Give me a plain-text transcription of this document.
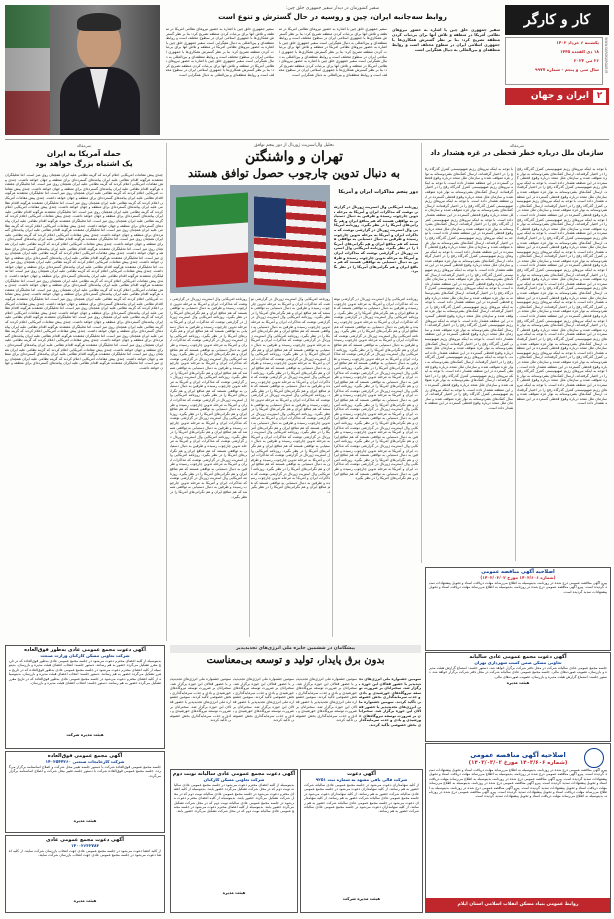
کار و کارگر
یکشنبه ۶ خرداد ۱۴۰۳
۱۸ ذی القعده ۱۴۴۵
۲۶ می ۲۰۲۴
سال سی و پنجم - شماره ۹۹۷۷	WWW.KAROKARGAR.IR
۲
ایران و جهان
سفیر کشورمان در دیدار سفیر جمهوری خلق چین:
روابط سه‌جانبه ایران، چین و روسیه در حال گسترش و تنوع است
سفیر جمهوری خلق چین با اشاره به حضور نیروهای نظامی آمریکا در منطقه و تلاش آنها برای بی‌ثبات کردن منطقه تصریح کرد: بنا بر نظر گسترش همکاری‌ها با جمهوری اسلامی ایران در سطوح مختلف است و روابط منطقه‌ای و بین‌المللی به دنبال همگرایی است
سفیر جمهوری خلق چین با اشاره به حضور نیروهای نظامی آمریکا در منطقه و تلاش آنها برای بی‌ثبات کردن منطقه تصریح کرد: بنا بر نظر گسترش همکاری‌ها با جمهوری اسلامی ایران در سطوح مختلف است و روابط منطقه‌ای و بین‌المللی به دنبال همگرایی است سفیر جمهوری خلق چین با اشاره به حضور نیروهای نظامی آمریکا در منطقه و تلاش آنها برای بی‌ثبات کردن منطقه تصریح کرد: بنا بر نظر گسترش همکاری‌ها با جمهوری اسلامی ایران در سطوح مختلف است و روابط منطقه‌ای و بین‌المللی به دنبال همگرایی است سفیر جمهوری خلق چین با اشاره به حضور نیروهای نظامی آمریکا در منطقه و تلاش آنها برای بی‌ثبات کردن منطقه تصریح کرد: بنا بر نظر گسترش همکاری‌ها با جمهوری اسلامی ایران در سطوح مختلف است و روابط منطقه‌ای و بین‌المللی به دنبال همگرایی است
سفیر جمهوری خلق چین با اشاره به حضور نیروهای نظامی آمریکا در منطقه و تلاش آنها برای بی‌ثبات کردن منطقه تصریح کرد: بنا بر نظر گسترش همکاری‌ها با جمهوری اسلامی ایران در سطوح مختلف است و روابط منطقه‌ای و بین‌المللی به دنبال همگرایی است سفیر جمهوری خلق چین با اشاره به حضور نیروهای نظامی آمریکا در منطقه و تلاش آنها برای بی‌ثبات کردن منطقه تصریح کرد: بنا بر نظر گسترش همکاری‌ها با جمهوری اسلامی ایران در سطوح مختلف است و روابط منطقه‌ای و بین‌المللی به دنبال همگرایی است سفیر جمهوری خلق چین با اشاره به حضور نیروهای نظامی آمریکا در منطقه و تلاش آنها برای بی‌ثبات کردن منطقه تصریح کرد: بنا بر نظر گسترش همکاری‌ها با جمهوری اسلامی ایران در سطوح مختلف است و روابط منطقه‌ای و بین‌المللی به دنبال همگرایی است
سرمقاله
سازمان ملل درباره خطر قحطی در غزه هشدار داد
با توجه به اینکه نیروهای رژیم صهیونیستی کنترل گذرگاه رفح را در اختیار گرفته‌اند، ارسال کمک‌های بشردوستانه به نوار غزه متوقف شده و سازمان ملل متحد درباره وقوع قحطی گسترده در این منطقه هشدار داده است. با توجه به اینکه نیروهای رژیم صهیونیستی کنترل گذرگاه رفح را در اختیار گرفته‌اند، ارسال کمک‌های بشردوستانه به نوار غزه متوقف شده و سازمان ملل متحد درباره وقوع قحطی گسترده در این منطقه هشدار داده است. با توجه به اینکه نیروهای رژیم صهیونیستی کنترل گذرگاه رفح را در اختیار گرفته‌اند، ارسال کمک‌های بشردوستانه به نوار غزه متوقف شده و سازمان ملل متحد درباره وقوع قحطی گسترده در این منطقه هشدار داده است. با توجه به اینکه نیروهای رژیم صهیونیستی کنترل گذرگاه رفح را در اختیار گرفته‌اند، ارسال کمک‌های بشردوستانه به نوار غزه متوقف شده و سازمان ملل متحد درباره وقوع قحطی گسترده در این منطقه هشدار داده است. با توجه به اینکه نیروهای رژیم صهیونیستی کنترل گذرگاه رفح را در اختیار گرفته‌اند، ارسال کمک‌های بشردوستانه به نوار غزه متوقف شده و سازمان ملل متحد درباره وقوع قحطی گسترده در این منطقه هشدار داده است. با توجه به اینکه نیروهای رژیم صهیونیستی کنترل گذرگاه رفح را در اختیار گرفته‌اند، ارسال کمک‌های بشردوستانه به نوار غزه متوقف شده و سازمان ملل متحد درباره وقوع قحطی گسترده در این منطقه هشدار داده است. با توجه به اینکه نیروهای رژیم صهیونیستی کنترل گذرگاه رفح را در اختیار گرفته‌اند، ارسال کمک‌های بشردوستانه به نوار غزه متوقف شده و سازمان ملل متحد درباره وقوع قحطی گسترده در این منطقه هشدار داده است. با توجه به اینکه نیروهای رژیم صهیونیستی کنترل گذرگاه رفح را در اختیار گرفته‌اند، ارسال کمک‌های بشردوستانه به نوار غزه متوقف شده و سازمان ملل متحد درباره وقوع قحطی گسترده در این منطقه هشدار داده است. با توجه به اینکه نیروهای رژیم صهیونیستی کنترل گذرگاه رفح را در اختیار گرفته‌اند، ارسال کمک‌های بشردوستانه به نوار غزه متوقف شده و سازمان ملل متحد درباره وقوع قحطی گسترده در این منطقه هشدار داده است. با توجه به اینکه نیروهای رژیم صهیونیستی کنترل گذرگاه رفح را در اختیار گرفته‌اند، ارسال کمک‌های بشردوستانه به نوار غزه متوقف شده و سازمان ملل متحد درباره وقوع قحطی گسترده در این منطقه هشدار داده است. با توجه به اینکه نیروهای رژیم صهیونیستی کنترل گذرگاه رفح را در اختیار گرفته‌اند، ارسال کمک‌های بشردوستانه به نوار غزه متوقف شده و سازمان ملل متحد درباره وقوع قحطی گسترده در این منطقه هشدار داده است. با توجه به اینکه نیروهای رژیم صهیونیستی کنترل گذرگاه رفح را در اختیار گرفته‌اند، ارسال کمک‌های بشردوستانه به نوار غزه متوقف شده و سازمان ملل متحد درباره وقوع قحطی گسترده در این منطقه هشدار داده است. با توجه به اینکه نیروهای رژیم صهیونیستی کنترل گذرگاه رفح را در اختیار گرفته‌اند، ارسال کمک‌های بشردوستانه به نوار غزه متوقف شده و سازمان ملل متحد درباره وقوع قحطی گسترده در این منطقه هشدار داده است. با توجه به اینکه نیروهای رژیم صهیونیستی کنترل گذرگاه رفح را در اختیار گرفته‌اند، ارسال کمک‌های بشردوستانه به نوار غزه متوقف شده و سازمان ملل متحد درباره وقوع قحطی گسترده در این منطقه هشدار داده است.
با توجه به اینکه نیروهای رژیم صهیونیستی کنترل گذرگاه رفح را در اختیار گرفته‌اند، ارسال کمک‌های بشردوستانه به نوار غزه متوقف شده و سازمان ملل متحد درباره وقوع قحطی گسترده در این منطقه هشدار داده است. با توجه به اینکه نیروهای رژیم صهیونیستی کنترل گذرگاه رفح را در اختیار گرفته‌اند، ارسال کمک‌های بشردوستانه به نوار غزه متوقف شده و سازمان ملل متحد درباره وقوع قحطی گسترده در این منطقه هشدار داده است. با توجه به اینکه نیروهای رژیم صهیونیستی کنترل گذرگاه رفح را در اختیار گرفته‌اند، ارسال کمک‌های بشردوستانه به نوار غزه متوقف شده و سازمان ملل متحد درباره وقوع قحطی گسترده در این منطقه هشدار داده است. با توجه به اینکه نیروهای رژیم صهیونیستی کنترل گذرگاه رفح را در اختیار گرفته‌اند، ارسال کمک‌های بشردوستانه به نوار غزه متوقف شده و سازمان ملل متحد درباره وقوع قحطی گسترده در این منطقه هشدار داده است. با توجه به اینکه نیروهای رژیم صهیونیستی کنترل گذرگاه رفح را در اختیار گرفته‌اند، ارسال کمک‌های بشردوستانه به نوار غزه متوقف شده و سازمان ملل متحد درباره وقوع قحطی گسترده در این منطقه هشدار داده است. با توجه به اینکه نیروهای رژیم صهیونیستی کنترل گذرگاه رفح را در اختیار گرفته‌اند، ارسال کمک‌های بشردوستانه به نوار غزه متوقف شده و سازمان ملل متحد درباره وقوع قحطی گسترده در این منطقه هشدار داده است. با توجه به اینکه نیروهای رژیم صهیونیستی کنترل گذرگاه رفح را در اختیار گرفته‌اند، ارسال کمک‌های بشردوستانه به نوار غزه متوقف شده و سازمان ملل متحد درباره وقوع قحطی گسترده در این منطقه هشدار داده است. با توجه به اینکه نیروهای رژیم صهیونیستی کنترل گذرگاه رفح را در اختیار گرفته‌اند، ارسال کمک‌های بشردوستانه به نوار غزه متوقف شده و سازمان ملل متحد درباره وقوع قحطی گسترده در این منطقه هشدار داده است. با توجه به اینکه نیروهای رژیم صهیونیستی کنترل گذرگاه رفح را در اختیار گرفته‌اند، ارسال کمک‌های بشردوستانه به نوار غزه متوقف شده و سازمان ملل متحد درباره وقوع قحطی گسترده در این منطقه هشدار داده است. با توجه به اینکه نیروهای رژیم صهیونیستی کنترل گذرگاه رفح را در اختیار گرفته‌اند، ارسال کمک‌های بشردوستانه به نوار غزه متوقف شده و سازمان ملل متحد درباره وقوع قحطی گسترده در این منطقه هشدار داده است. با توجه به اینکه نیروهای رژیم صهیونیستی کنترل گذرگاه رفح را در اختیار گرفته‌اند، ارسال کمک‌های بشردوستانه به نوار غزه متوقف شده و سازمان ملل متحد درباره وقوع قحطی گسترده در این منطقه هشدار داده است. با توجه به اینکه نیروهای رژیم صهیونیستی کنترل گذرگاه رفح را در اختیار گرفته‌اند، ارسال کمک‌های بشردوستانه به نوار غزه متوقف شده و سازمان ملل متحد درباره وقوع قحطی گسترده در این منطقه هشدار داده است. با توجه به اینکه نیروهای رژیم صهیونیستی کنترل گذرگاه رفح را در اختیار گرفته‌اند، ارسال کمک‌های بشردوستانه به نوار غزه متوقف شده و سازمان ملل متحد درباره وقوع قحطی گسترده در این منطقه هشدار داده است. با توجه به اینکه نیروهای رژیم صهیونیستی کنترل گذرگاه رفح را در اختیار گرفته‌اند، ارسال کمک‌های بشردوستانه به نوار غزه متوقف شده و سازمان ملل متحد درباره وقوع قحطی گسترده در این منطقه هشدار داده است.
تحلیل وال‌استریت ژورنال از دور پنجم توافق
تهران و واشنگتن
به دنبال تدوین چارچوب حصول توافق هستند
دور پنجم مذاکرات ایران و آمریکا
روزنامه آمریکایی وال استریت ژورنال در گزارشی نوشت که مذاکرات ایران و آمریکا به مرحله تدوین چارچوب رسیده و طرفین به دنبال دستیابی به توافقی هستند که هم منافع ایران و هم نگرانی‌های آمریکا را در نظر بگیرد. روزنامه آمریکایی وال استریت ژورنال در گزارشی نوشت که مذاکرات ایران و آمریکا به مرحله تدوین چارچوب رسیده و طرفین به دنبال دستیابی به توافقی هستند که هم منافع ایران و هم نگرانی‌های آمریکا را در نظر بگیرد. روزنامه آمریکایی وال استریت ژورنال در گزارشی نوشت که مذاکرات ایران و آمریکا به مرحله تدوین چارچوب رسیده و طرفین به دنبال دستیابی به توافقی هستند که هم منافع ایران و هم نگرانی‌های آمریکا را در نظر بگیرد.
روزنامه آمریکایی وال استریت ژورنال در گزارشی نوشت که مذاکرات ایران و آمریکا به مرحله تدوین چارچوب رسیده و طرفین به دنبال دستیابی به توافقی هستند که هم منافع ایران و هم نگرانی‌های آمریکا را در نظر بگیرد. روزنامه آمریکایی وال استریت ژورنال در گزارشی نوشت که مذاکرات ایران و آمریکا به مرحله تدوین چارچوب رسیده و طرفین به دنبال دستیابی به توافقی هستند که هم منافع ایران و هم نگرانی‌های آمریکا را در نظر بگیرد. روزنامه آمریکایی وال استریت ژورنال در گزارشی نوشت که مذاکرات ایران و آمریکا به مرحله تدوین چارچوب رسیده و طرفین به دنبال دستیابی به توافقی هستند که هم منافع ایران و هم نگرانی‌های آمریکا را در نظر بگیرد. روزنامه آمریکایی وال استریت ژورنال در گزارشی نوشت که مذاکرات ایران و آمریکا به مرحله تدوین چارچوب رسیده و طرفین به دنبال دستیابی به توافقی هستند که هم منافع ایران و هم نگرانی‌های آمریکا را در نظر بگیرد. روزنامه آمریکایی وال استریت ژورنال در گزارشی نوشت که مذاکرات ایران و آمریکا به مرحله تدوین چارچوب رسیده و طرفین به دنبال دستیابی به توافقی هستند که هم منافع ایران و هم نگرانی‌های آمریکا را در نظر بگیرد. روزنامه آمریکایی وال استریت ژورنال در گزارشی نوشت که مذاکرات ایران و آمریکا به مرحله تدوین چارچوب رسیده و طرفین به دنبال دستیابی به توافقی هستند که هم منافع ایران و هم نگرانی‌های آمریکا را در نظر بگیرد. روزنامه آمریکایی وال استریت ژورنال در گزارشی نوشت که مذاکرات ایران و آمریکا به مرحله تدوین چارچوب رسیده و طرفین به دنبال دستیابی به توافقی هستند که هم منافع ایران و هم نگرانی‌های آمریکا را در نظر بگیرد. روزنامه آمریکایی وال استریت ژورنال در گزارشی نوشت که مذاکرات ایران و آمریکا به مرحله تدوین چارچوب رسیده و طرفین به دنبال دستیابی به توافقی هستند که هم منافع ایران و هم نگرانی‌های آمریکا را در نظر بگیرد. روزنامه آمریکایی وال استریت ژورنال در گزارشی نوشت که مذاکرات ایران و آمریکا به مرحله تدوین چارچوب رسیده و طرفین به دنبال دستیابی به توافقی هستند که هم منافع ایران و هم نگرانی‌های آمریکا را در نظر بگیرد. روزنامه آمریکایی وال استریت ژورنال در گزارشی نوشت که مذاکرات ایران و آمریکا به مرحله تدوین چارچوب رسیده و طرفین به دنبال دستیابی به توافقی هستند که هم منافع ایران و هم نگرانی‌های آمریکا را در نظر بگیرد.
روزنامه آمریکایی وال استریت ژورنال در گزارشی نوشت که مذاکرات ایران و آمریکا به مرحله تدوین چارچوب رسیده و طرفین به دنبال دستیابی به توافقی هستند که هم منافع ایران و هم نگرانی‌های آمریکا را در نظر بگیرد. روزنامه آمریکایی وال استریت ژورنال در گزارشی نوشت که مذاکرات ایران و آمریکا به مرحله تدوین چارچوب رسیده و طرفین به دنبال دستیابی به توافقی هستند که هم منافع ایران و هم نگرانی‌های آمریکا را در نظر بگیرد. روزنامه آمریکایی وال استریت ژورنال در گزارشی نوشت که مذاکرات ایران و آمریکا به مرحله تدوین چارچوب رسیده و طرفین به دنبال دستیابی به توافقی هستند که هم منافع ایران و هم نگرانی‌های آمریکا را در نظر بگیرد. روزنامه آمریکایی وال استریت ژورنال در گزارشی نوشت که مذاکرات ایران و آمریکا به مرحله تدوین چارچوب رسیده و طرفین به دنبال دستیابی به توافقی هستند که هم منافع ایران و هم نگرانی‌های آمریکا را در نظر بگیرد. روزنامه آمریکایی وال استریت ژورنال در گزارشی نوشت که مذاکرات ایران و آمریکا به مرحله تدوین چارچوب رسیده و طرفین به دنبال دستیابی به توافقی هستند که هم منافع ایران و هم نگرانی‌های آمریکا را در نظر بگیرد. روزنامه آمریکایی وال استریت ژورنال در گزارشی نوشت که مذاکرات ایران و آمریکا به مرحله تدوین چارچوب رسیده و طرفین به دنبال دستیابی به توافقی هستند که هم منافع ایران و هم نگرانی‌های آمریکا را در نظر بگیرد. روزنامه آمریکایی وال استریت ژورنال در گزارشی نوشت که مذاکرات ایران و آمریکا به مرحله تدوین چارچوب رسیده و طرفین به دنبال دستیابی به توافقی هستند که هم منافع ایران و هم نگرانی‌های آمریکا را در نظر بگیرد. روزنامه آمریکایی وال استریت ژورنال در گزارشی نوشت که مذاکرات ایران و آمریکا به مرحله تدوین چارچوب رسیده و طرفین به دنبال دستیابی به توافقی هستند که هم منافع ایران و هم نگرانی‌های آمریکا را در نظر بگیرد. روزنامه آمریکایی وال استریت ژورنال در گزارشی نوشت که مذاکرات ایران و آمریکا به مرحله تدوین چارچوب رسیده و طرفین به دنبال دستیابی به توافقی هستند که هم منافع ایران و هم نگرانی‌های آمریکا را در نظر بگیرد. روزنامه آمریکایی وال استریت ژورنال در گزارشی نوشت که مذاکرات ایران و آمریکا به مرحله تدوین چارچوب رسیده و طرفین به دنبال دستیابی به توافقی هستند که هم منافع ایران و هم نگرانی‌های آمریکا را در نظر بگیرد.
روزنامه آمریکایی وال استریت ژورنال در گزارشی نوشت که مذاکرات ایران و آمریکا به مرحله تدوین چارچوب رسیده و طرفین به دنبال دستیابی به توافقی هستند که هم منافع ایران و هم نگرانی‌های آمریکا را در نظر بگیرد. روزنامه آمریکایی وال استریت ژورنال در گزارشی نوشت که مذاکرات ایران و آمریکا به مرحله تدوین چارچوب رسیده و طرفین به دنبال دستیابی به توافقی هستند که هم منافع ایران و هم نگرانی‌های آمریکا را در نظر بگیرد. روزنامه آمریکایی وال استریت ژورنال در گزارشی نوشت که مذاکرات ایران و آمریکا به مرحله تدوین چارچوب رسیده و طرفین به دنبال دستیابی به توافقی هستند که هم منافع ایران و هم نگرانی‌های آمریکا را در نظر بگیرد. روزنامه آمریکایی وال استریت ژورنال در گزارشی نوشت که مذاکرات ایران و آمریکا به مرحله تدوین چارچوب رسیده و طرفین به دنبال دستیابی به توافقی هستند که هم منافع ایران و هم نگرانی‌های آمریکا را در نظر بگیرد. روزنامه آمریکایی وال استریت ژورنال در گزارشی نوشت که مذاکرات ایران و آمریکا به مرحله تدوین چارچوب رسیده و طرفین به دنبال دستیابی به توافقی هستند که هم منافع ایران و هم نگرانی‌های آمریکا را در نظر بگیرد. روزنامه آمریکایی وال استریت ژورنال در گزارشی نوشت که مذاکرات ایران و آمریکا به مرحله تدوین چارچوب رسیده و طرفین به دنبال دستیابی به توافقی هستند که هم منافع ایران و هم نگرانی‌های آمریکا را در نظر بگیرد. روزنامه آمریکایی وال استریت ژورنال در گزارشی نوشت که مذاکرات ایران و آمریکا به مرحله تدوین چارچوب رسیده و طرفین به دنبال دستیابی به توافقی هستند که هم منافع ایران و هم نگرانی‌های آمریکا را در نظر بگیرد. روزنامه آمریکایی وال استریت ژورنال در گزارشی نوشت که مذاکرات ایران و آمریکا به مرحله تدوین چارچوب رسیده و طرفین به دنبال دستیابی به توافقی هستند که هم منافع ایران و هم نگرانی‌های آمریکا را در نظر بگیرد. روزنامه آمریکایی وال استریت ژورنال در گزارشی نوشت که مذاکرات ایران و آمریکا به مرحله تدوین چارچوب رسیده و طرفین به دنبال دستیابی به توافقی هستند که هم منافع ایران و هم نگرانی‌های آمریکا را در نظر بگیرد. روزنامه آمریکایی وال استریت ژورنال در گزارشی نوشت که مذاکرات ایران و آمریکا به مرحله تدوین چارچوب رسیده و طرفین به دنبال دستیابی به توافقی هستند که هم منافع ایران و هم نگرانی‌های آمریکا را در نظر بگیرد.
سرمقاله
حمله آمریکا به ایران
یک اشتباه بزرگ خواهد بود
چندی پیش مقامات آمریکایی اعلام کردند که گزینه نظامی علیه ایران همچنان روی میز است. اما تحلیلگران معتقدند هرگونه اقدام نظامی علیه ایران پیامدهای گسترده‌ای برای منطقه و جهان خواهد داشت. چندی پیش مقامات آمریکایی اعلام کردند که گزینه نظامی علیه ایران همچنان روی میز است. اما تحلیلگران معتقدند هرگونه اقدام نظامی علیه ایران پیامدهای گسترده‌ای برای منطقه و جهان خواهد داشت. چندی پیش مقامات آمریکایی اعلام کردند که گزینه نظامی علیه ایران همچنان روی میز است. اما تحلیلگران معتقدند هرگونه اقدام نظامی علیه ایران پیامدهای گسترده‌ای برای منطقه و جهان خواهد داشت. چندی پیش مقامات آمریکایی اعلام کردند که گزینه نظامی علیه ایران همچنان روی میز است. اما تحلیلگران معتقدند هرگونه اقدام نظامی علیه ایران پیامدهای گسترده‌ای برای منطقه و جهان خواهد داشت. چندی پیش مقامات آمریکایی اعلام کردند که گزینه نظامی علیه ایران همچنان روی میز است. اما تحلیلگران معتقدند هرگونه اقدام نظامی علیه ایران پیامدهای گسترده‌ای برای منطقه و جهان خواهد داشت. چندی پیش مقامات آمریکایی اعلام کردند که گزینه نظامی علیه ایران همچنان روی میز است. اما تحلیلگران معتقدند هرگونه اقدام نظامی علیه ایران پیامدهای گسترده‌ای برای منطقه و جهان خواهد داشت. چندی پیش مقامات آمریکایی اعلام کردند که گزینه نظامی علیه ایران همچنان روی میز است. اما تحلیلگران معتقدند هرگونه اقدام نظامی علیه ایران پیامدهای گسترده‌ای برای منطقه و جهان خواهد داشت. چندی پیش مقامات آمریکایی اعلام کردند که گزینه نظامی علیه ایران همچنان روی میز است. اما تحلیلگران معتقدند هرگونه اقدام نظامی علیه ایران پیامدهای گسترده‌ای برای منطقه و جهان خواهد داشت. چندی پیش مقامات آمریکایی اعلام کردند که گزینه نظامی علیه ایران همچنان روی میز است. اما تحلیلگران معتقدند هرگونه اقدام نظامی علیه ایران پیامدهای گسترده‌ای برای منطقه و جهان خواهد داشت. چندی پیش مقامات آمریکایی اعلام کردند که گزینه نظامی علیه ایران همچنان روی میز است. اما تحلیلگران معتقدند هرگونه اقدام نظامی علیه ایران پیامدهای گسترده‌ای برای منطقه و جهان خواهد داشت. چندی پیش مقامات آمریکایی اعلام کردند که گزینه نظامی علیه ایران همچنان روی میز است. اما تحلیلگران معتقدند هرگونه اقدام نظامی علیه ایران پیامدهای گسترده‌ای برای منطقه و جهان خواهد داشت. چندی پیش مقامات آمریکایی اعلام کردند که گزینه نظامی علیه ایران همچنان روی میز است. اما تحلیلگران معتقدند هرگونه اقدام نظامی علیه ایران پیامدهای گسترده‌ای برای منطقه و جهان خواهد داشت. چندی پیش مقامات آمریکایی اعلام کردند که گزینه نظامی علیه ایران همچنان روی میز است. اما تحلیلگران معتقدند هرگونه اقدام نظامی علیه ایران پیامدهای گسترده‌ای برای منطقه و جهان خواهد داشت. چندی پیش مقامات آمریکایی اعلام کردند که گزینه نظامی علیه ایران همچنان روی میز است. اما تحلیلگران معتقدند هرگونه اقدام نظامی علیه ایران پیامدهای گسترده‌ای برای منطقه و جهان خواهد داشت. چندی پیش مقامات آمریکایی اعلام کردند که گزینه نظامی علیه ایران همچنان روی میز است. اما تحلیلگران معتقدند هرگونه اقدام نظامی علیه ایران پیامدهای گسترده‌ای برای منطقه و جهان خواهد داشت. چندی پیش مقامات آمریکایی اعلام کردند که گزینه نظامی علیه ایران همچنان روی میز است. اما تحلیلگران معتقدند هرگونه اقدام نظامی علیه ایران پیامدهای گسترده‌ای برای منطقه و جهان خواهد داشت. چندی پیش مقامات آمریکایی اعلام کردند که گزینه نظامی علیه ایران همچنان روی میز است. اما تحلیلگران معتقدند هرگونه اقدام نظامی علیه ایران پیامدهای گسترده‌ای برای منطقه و جهان خواهد داشت. چندی پیش مقامات آمریکایی اعلام کردند که گزینه نظامی علیه ایران همچنان روی میز است. اما تحلیلگران معتقدند هرگونه اقدام نظامی علیه ایران پیامدهای گسترده‌ای برای منطقه و جهان خواهد داشت. چندی پیش مقامات آمریکایی اعلام کردند که گزینه نظامی علیه ایران همچنان روی میز است. اما تحلیلگران معتقدند هرگونه اقدام نظامی علیه ایران پیامدهای گسترده‌ای برای منطقه و جهان خواهد داشت. چندی پیش مقامات آمریکایی اعلام کردند که گزینه نظامی علیه ایران همچنان روی میز است. اما تحلیلگران معتقدند هرگونه اقدام نظامی علیه ایران پیامدهای گسترده‌ای برای منطقه و جهان خواهد داشت. چندی پیش مقامات آمریکایی اعلام کردند که گزینه نظامی علیه ایران همچنان روی میز است. اما تحلیلگران معتقدند هرگونه اقدام نظامی علیه ایران پیامدهای گسترده‌ای برای منطقه و جهان خواهد داشت. چندی پیش مقامات آمریکایی اعلام کردند که گزینه نظامی علیه ایران همچنان روی میز است. اما تحلیلگران معتقدند هرگونه اقدام نظامی علیه ایران پیامدهای گسترده‌ای برای منطقه و جهان خواهد داشت.
اصلاحیه آگهی مناقصه عمومی
(شماره ۱۴۰۳/۶۰۶ مورخ ۱۴۰۳/۰۳/۰۲)
پیرو آگهی مناقصه عمومی درج شده در روزنامه، بدینوسیله به اطلاع می‌رساند مهلت دریافت اسناد و تحویل پیشنهادات تمدید گردیده است. پیرو آگهی مناقصه عمومی درج شده در روزنامه، بدینوسیله به اطلاع می‌رساند مهلت دریافت اسناد و تحویل پیشنهادات تمدید گردیده است.
آگهی دعوت مجمع عمومی عادی سالیانه
تعاونی مسکن ضمن کسب شهرداری تهران
جلسه مجمع عمومی عادی سالیانه شرکت در محل دفتر شرکت برگزار خواهد شد. دستور جلسه: استماع گزارش هیئت مدیره و بازرسان، تصویب صورت‌های مالی. جلسه مجمع عمومی عادی سالیانه شرکت در محل دفتر شرکت برگزار خواهد شد. دستور جلسه: استماع گزارش هیئت مدیره و بازرسان، تصویب صورت‌های مالی.
هیئت مدیره
اصلاحیه آگهی مناقصه عمومی
(شماره ۱۴۰۳/۶۰۶ مورخ ۱۴۰۳/۰۳/۰۲)
پیرو آگهی مناقصه عمومی درج شده در روزنامه، بدینوسیله به اطلاع می‌رساند مهلت دریافت اسناد و تحویل پیشنهادات تمدید گردیده است. پیرو آگهی مناقصه عمومی درج شده در روزنامه، بدینوسیله به اطلاع می‌رساند مهلت دریافت اسناد و تحویل پیشنهادات تمدید گردیده است. پیرو آگهی مناقصه عمومی درج شده در روزنامه، بدینوسیله به اطلاع می‌رساند مهلت دریافت اسناد و تحویل پیشنهادات تمدید گردیده است. پیرو آگهی مناقصه عمومی درج شده در روزنامه، بدینوسیله به اطلاع می‌رساند مهلت دریافت اسناد و تحویل پیشنهادات تمدید گردیده است. پیرو آگهی مناقصه عمومی درج شده در روزنامه، بدینوسیله به اطلاع می‌رساند مهلت دریافت اسناد و تحویل پیشنهادات تمدید گردیده است. پیرو آگهی مناقصه عمومی درج شده در روزنامه، بدینوسیله به اطلاع می‌رساند مهلت دریافت اسناد و تحویل پیشنهادات تمدید گردیده است.
روابط عمومی بنیاد مسکن انقلاب اسلامی استان ایلام
پیشگامان در ششمین جایزه ملی انرژی‌های تجدیدپذیر
بدون برق پایدار، تولید و توسعه بی‌معناست
سومین جشنواره ملی انرژی‌های تجدیدپذیر با حضور فعالان این حوزه برگزار شد. سخنرانان بر ضرورت توسعه نیروگاه‌های خورشیدی و بادی و جذب سرمایه‌گذاری بخش خصوصی تأکید کردند. سومین جشنواره ملی انرژی‌های تجدیدپذیر با حضور فعالان این حوزه برگزار شد. سخنرانان بر ضرورت توسعه نیروگاه‌های خورشیدی و بادی و جذب سرمایه‌گذاری بخش خصوصی تأکید کردند.
سومین جشنواره ملی انرژی‌های تجدیدپذیر با حضور فعالان این حوزه برگزار شد. سخنرانان بر ضرورت توسعه نیروگاه‌های خورشیدی و بادی و جذب سرمایه‌گذاری بخش خصوصی تأکید کردند. سومین جشنواره ملی انرژی‌های تجدیدپذیر با حضور فعالان این حوزه برگزار شد. سخنرانان بر ضرورت توسعه نیروگاه‌های خورشیدی و بادی و جذب سرمایه‌گذاری بخش خصوصی تأکید کردند.
سومین جشنواره ملی انرژی‌های تجدیدپذیر با حضور فعالان این حوزه برگزار شد. سخنرانان بر ضرورت توسعه نیروگاه‌های خورشیدی و بادی و جذب سرمایه‌گذاری بخش خصوصی تأکید کردند. سومین جشنواره ملی انرژی‌های تجدیدپذیر با حضور فعالان این حوزه برگزار شد. سخنرانان بر ضرورت توسعه نیروگاه‌های خورشیدی و بادی و جذب سرمایه‌گذاری بخش خصوصی تأکید کردند.
سومین جشنواره ملی انرژی‌های تجدیدپذیر با حضور فعالان این حوزه برگزار شد. سخنرانان بر ضرورت توسعه نیروگاه‌های خورشیدی و بادی و جذب سرمایه‌گذاری بخش خصوصی تأکید کردند. سومین جشنواره ملی انرژی‌های تجدیدپذیر با حضور فعالان این حوزه برگزار شد. سخنرانان بر ضرورت توسعه نیروگاه‌های خورشیدی و بادی و جذب سرمایه‌گذاری بخش خصوصی تأکید کردند.
آگهی دعوت
شرکت قالی بافی مشهد به شماره ثبت ۹۲۵۱
از کلیه سهامداران دعوت می‌شود در جلسه مجمع عمومی عادی سالیانه شرکت حضور به هم رسانند. از کلیه سهامداران دعوت می‌شود در جلسه مجمع عمومی عادی سالیانه شرکت حضور به هم رسانند. از کلیه سهامداران دعوت می‌شود در جلسه مجمع عمومی عادی سالیانه شرکت حضور به هم رسانند. از کلیه سهامداران دعوت می‌شود در جلسه مجمع عمومی عادی سالیانه شرکت حضور به هم رسانند. از کلیه سهامداران دعوت می‌شود در جلسه مجمع عمومی عادی سالیانه شرکت حضور به هم رسانند.
هیئت مدیره شرکت
آگهی دعوت مجمع عمومی عادی سالیانه نوبت دوم
شرکت تعاونی مسکن کارکنان
بدینوسیله از کلیه اعضای محترم دعوت می‌شود در جلسه مجمع عمومی عادی سالیانه نوبت دوم که در محل شرکت تشکیل می‌گردد حضور یابند. بدینوسیله از کلیه اعضای محترم دعوت می‌شود در جلسه مجمع عمومی عادی سالیانه نوبت دوم که در محل شرکت تشکیل می‌گردد حضور یابند. بدینوسیله از کلیه اعضای محترم دعوت می‌شود در جلسه مجمع عمومی عادی سالیانه نوبت دوم که در محل شرکت تشکیل می‌گردد حضور یابند. بدینوسیله از کلیه اعضای محترم دعوت می‌شود در جلسه مجمع عمومی عادی سالیانه نوبت دوم که در محل شرکت تشکیل می‌گردد حضور یابند.
هیئت مدیره
آگهی دعوت مجمع عمومی عادی به‌طور فوق‌العاده
شرکت تعاونی مسکن کارکنان وزارت صنعت
بدینوسیله از کلیه اعضای محترم دعوت می‌شود در جلسه مجمع عمومی عادی به‌طور فوق‌العاده که در تاریخ مقرر تشکیل می‌گردد حضور به هم رسانند. دستور جلسه: انتخاب اعضای هیئت مدیره و بازرسان. بدینوسیله از کلیه اعضای محترم دعوت می‌شود در جلسه مجمع عمومی عادی به‌طور فوق‌العاده که در تاریخ مقرر تشکیل می‌گردد حضور به هم رسانند. دستور جلسه: انتخاب اعضای هیئت مدیره و بازرسان. بدینوسیله از کلیه اعضای محترم دعوت می‌شود در جلسه مجمع عمومی عادی به‌طور فوق‌العاده که در تاریخ مقرر تشکیل می‌گردد حضور به هم رسانند. دستور جلسه: انتخاب اعضای هیئت مدیره و بازرسان.
هیئت مدیره شرکت
آگهی مجمع عمومی فوق‌العاده
شرکت کارخانجات صنعتی ۱۴۰۳۵۴۴۲۶۰
جلسه مجمع عمومی فوق‌العاده شرکت با دستور جلسه تغییر محل شرکت و اصلاح اساسنامه برگزار می‌گردد. جلسه مجمع عمومی فوق‌العاده شرکت با دستور جلسه تغییر محل شرکت و اصلاح اساسنامه برگزار می‌گردد.
هیئت مدیره
آگهی دعوت مجمع عمومی عادی
۱۴۰۰۲۶۳۲۷۸۳
از کلیه اعضا دعوت می‌شود در جلسه مجمع عمومی عادی جهت انتخاب بازرسان شرکت نمایند. از کلیه اعضا دعوت می‌شود در جلسه مجمع عمومی عادی جهت انتخاب بازرسان شرکت نمایند.
هیئت مدیره
